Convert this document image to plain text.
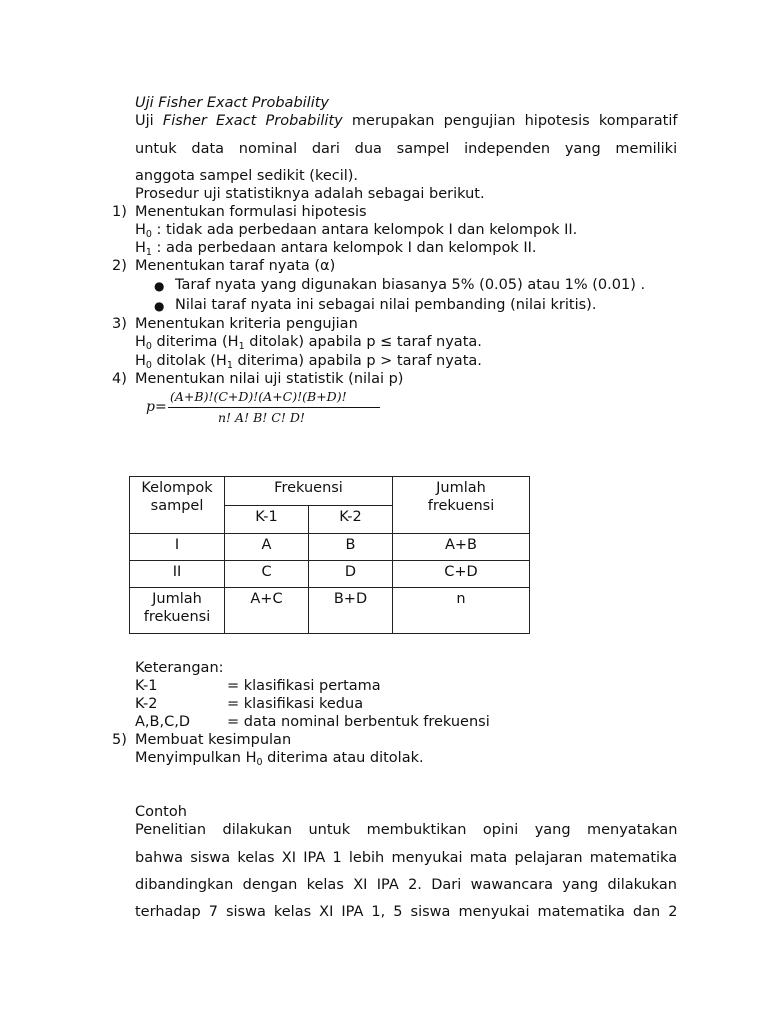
Uji Fisher Exact Probability
Uji Fisher Exact Probability merupakan pengujian hipotesis komparatif
untuk data nominal dari dua sampel independen yang memiliki
anggota sampel sedikit (kecil).
Prosedur uji statistiknya adalah sebagai berikut.
1) Menentukan formulasi hipotesis
$H_0$ : tidak ada perbedaan antara kelompok I dan kelompok II.
$H_1$ : ada perbedaan antara kelompok I dan kelompok II.
2) Menentukan taraf nyata (α)
● Taraf nyata yang digunakan biasanya 5% (0.05) atau 1% (0.01) .
● Nilai taraf nyata ini sebagai nilai pembanding (nilai kritis).
3) Menentukan kriteria pengujian
$H_0$ diterima ($H_1$ ditolak) apabila p ≤ taraf nyata.
$H_0$ ditolak ($H_1$ diterima) apabila p > taraf nyata.
4) Menentukan nilai uji statistik (nilai p)
p=
(A+B)!(C+D)!(A+C)!(B+D)!
n! A! B! C! D!
Kelompok sampel	Frekuensi		Jumlah frekuensi
	K-1	K-2	
I	A	B	A+B
II	C	D	C+D
Jumlah frekuensi	A+C	B+D	n
Keterangan:
K-1	= klasifikasi pertama
K-2	= klasifikasi kedua
A,B,C,D	= data nominal berbentuk frekuensi
5) Membuat kesimpulan
Menyimpulkan $H_0$ diterima atau ditolak.
Contoh
Penelitian dilakukan untuk membuktikan opini yang menyatakan
bahwa siswa kelas XI IPA 1 lebih menyukai mata pelajaran matematika
dibandingkan dengan kelas XI IPA 2. Dari wawancara yang dilakukan
terhadap 7 siswa kelas XI IPA 1, 5 siswa menyukai matematika dan 2
